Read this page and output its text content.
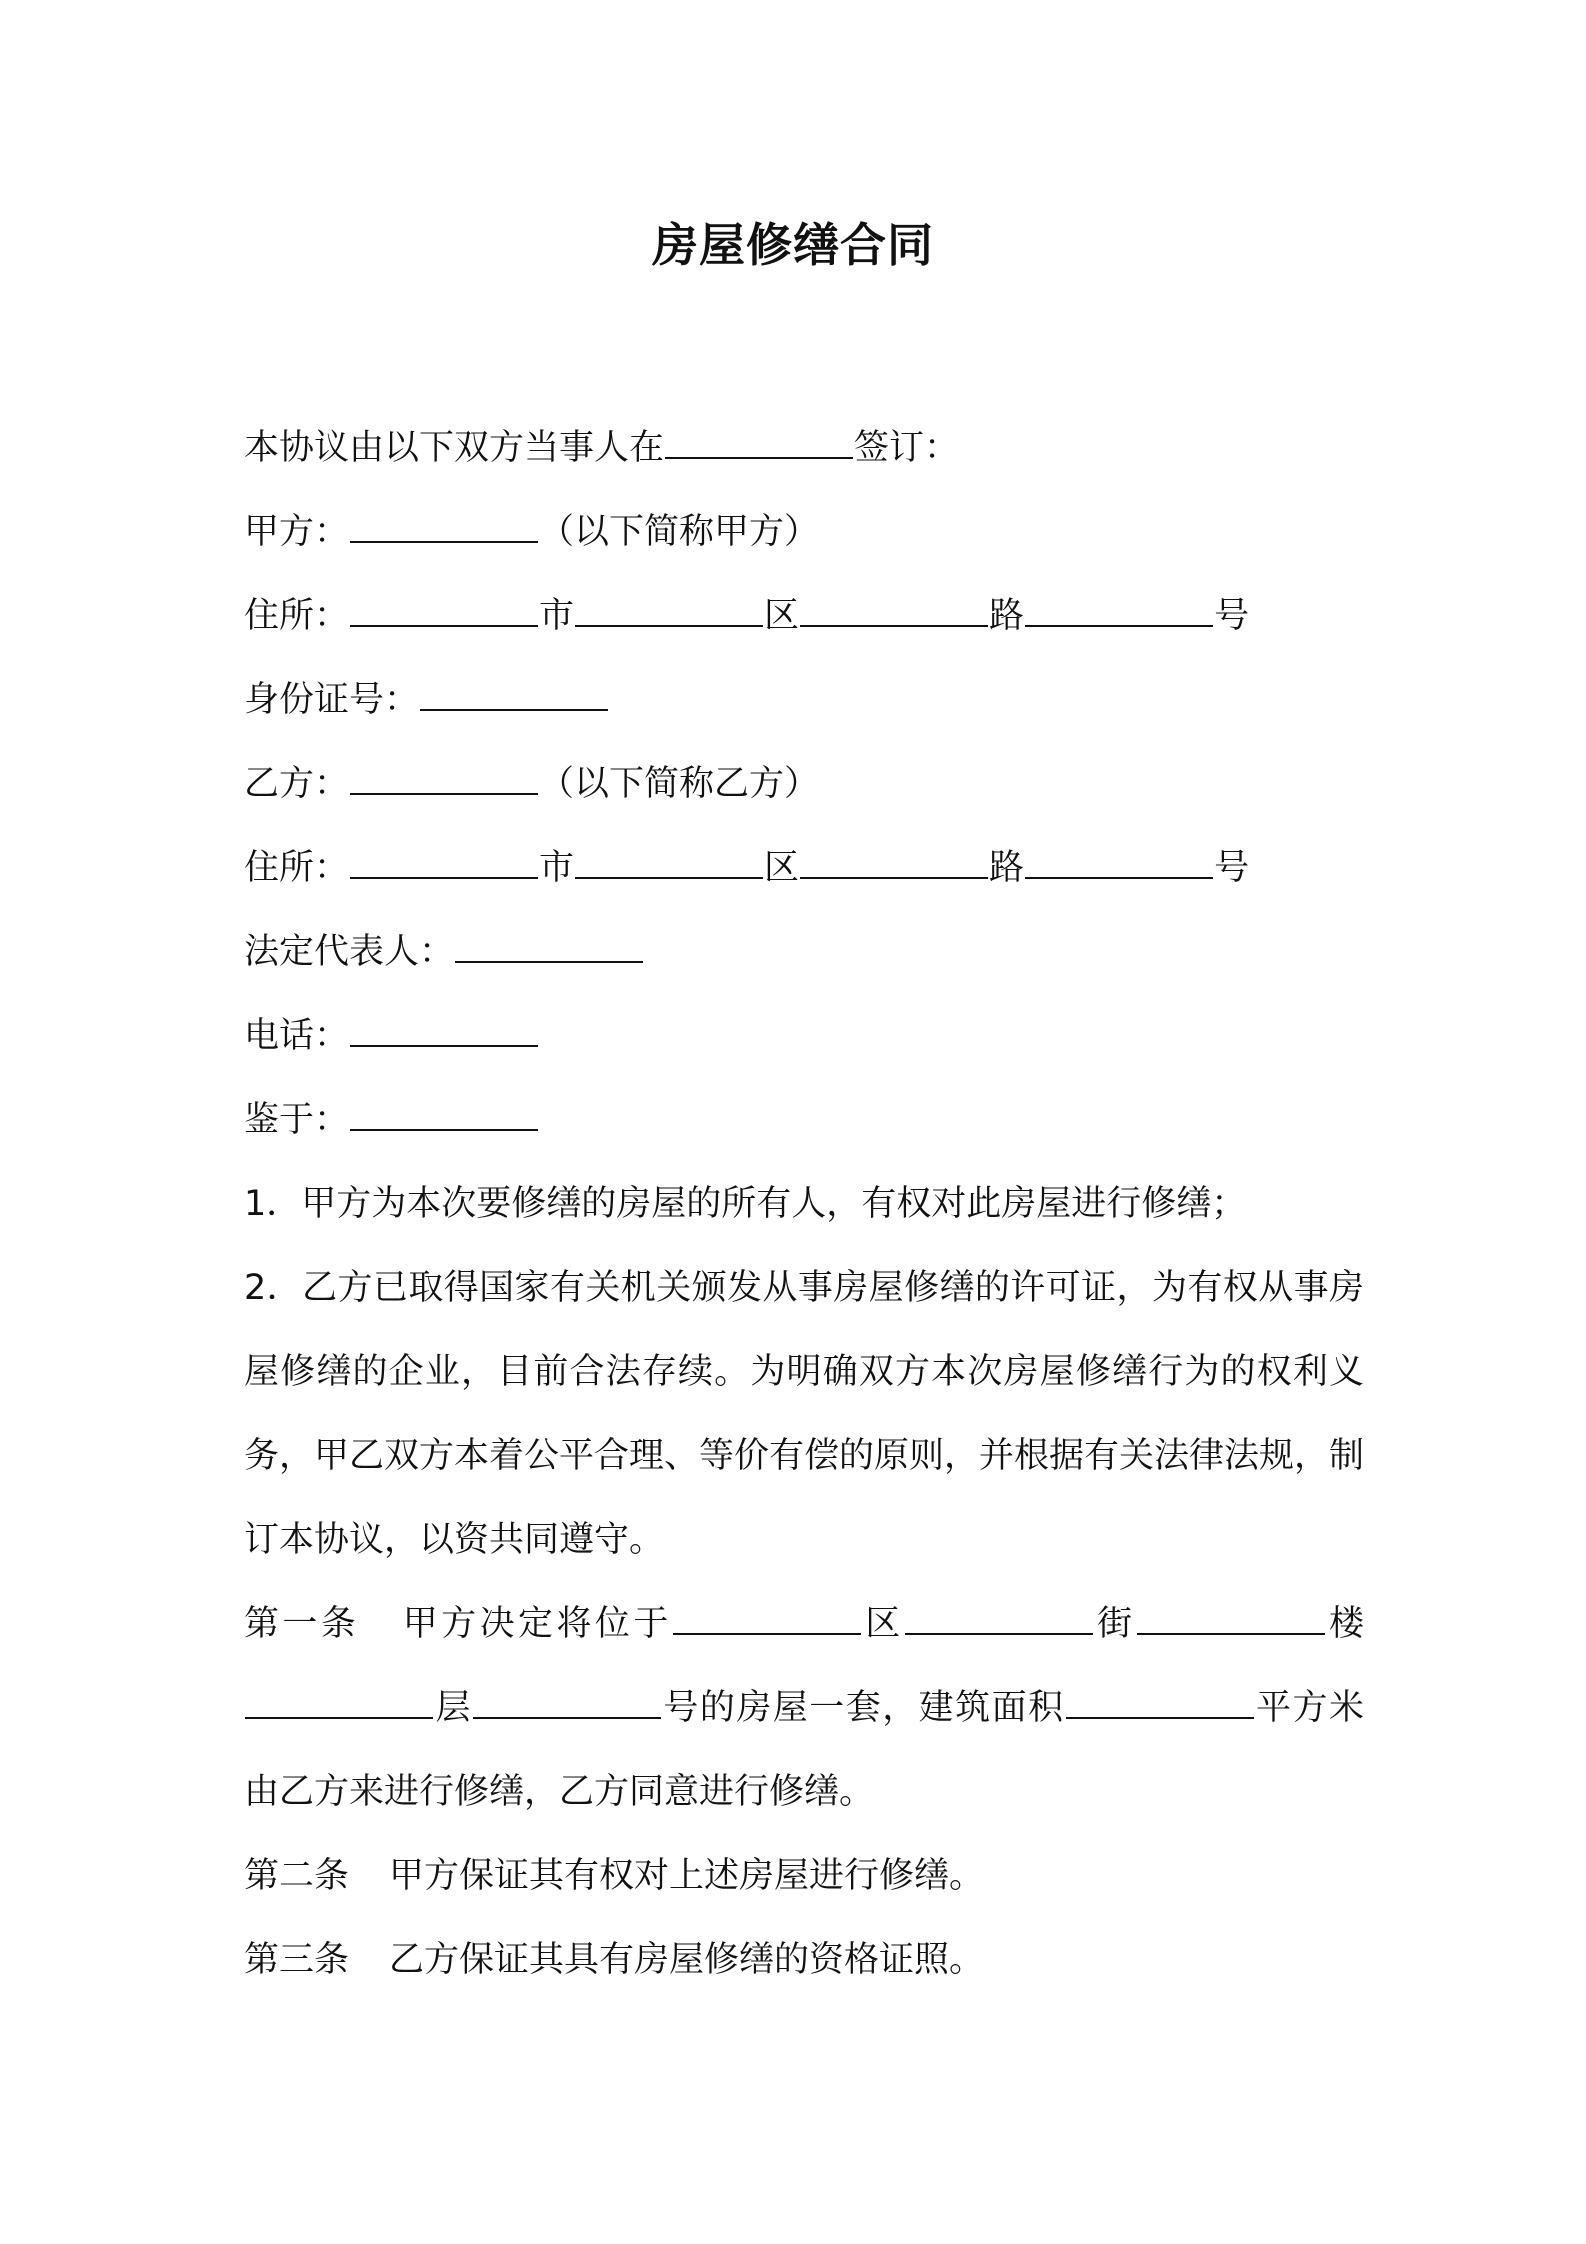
房屋修缮合同
本协议由以下双方当事人在	签订：
甲方：	（以下简称甲方）
住所：	市	区	路	号
身份证号：
乙方：	（以下简称乙方）
住所：	市	区	路	号
法定代表人：
电话：
鉴于：
1．甲方为本次要修缮的房屋的所有人，有权对此房屋进行修缮；
2．乙方已取得国家有关机关颁发从事房屋修缮的许可证，为有权从事房屋修缮的企业，目前合法存续。为明确双方本次房屋修缮行为的权利义务，甲乙双方本着公平合理、等价有偿的原则，并根据有关法律法规，制订本协议，以资共同遵守。
第一条 甲方决定将位于	区	街	楼层	号的房屋一套，建筑面积	平方米由乙方来进行修缮，乙方同意进行修缮。
第二条 甲方保证其有权对上述房屋进行修缮。
第三条 乙方保证其具有房屋修缮的资格证照。
